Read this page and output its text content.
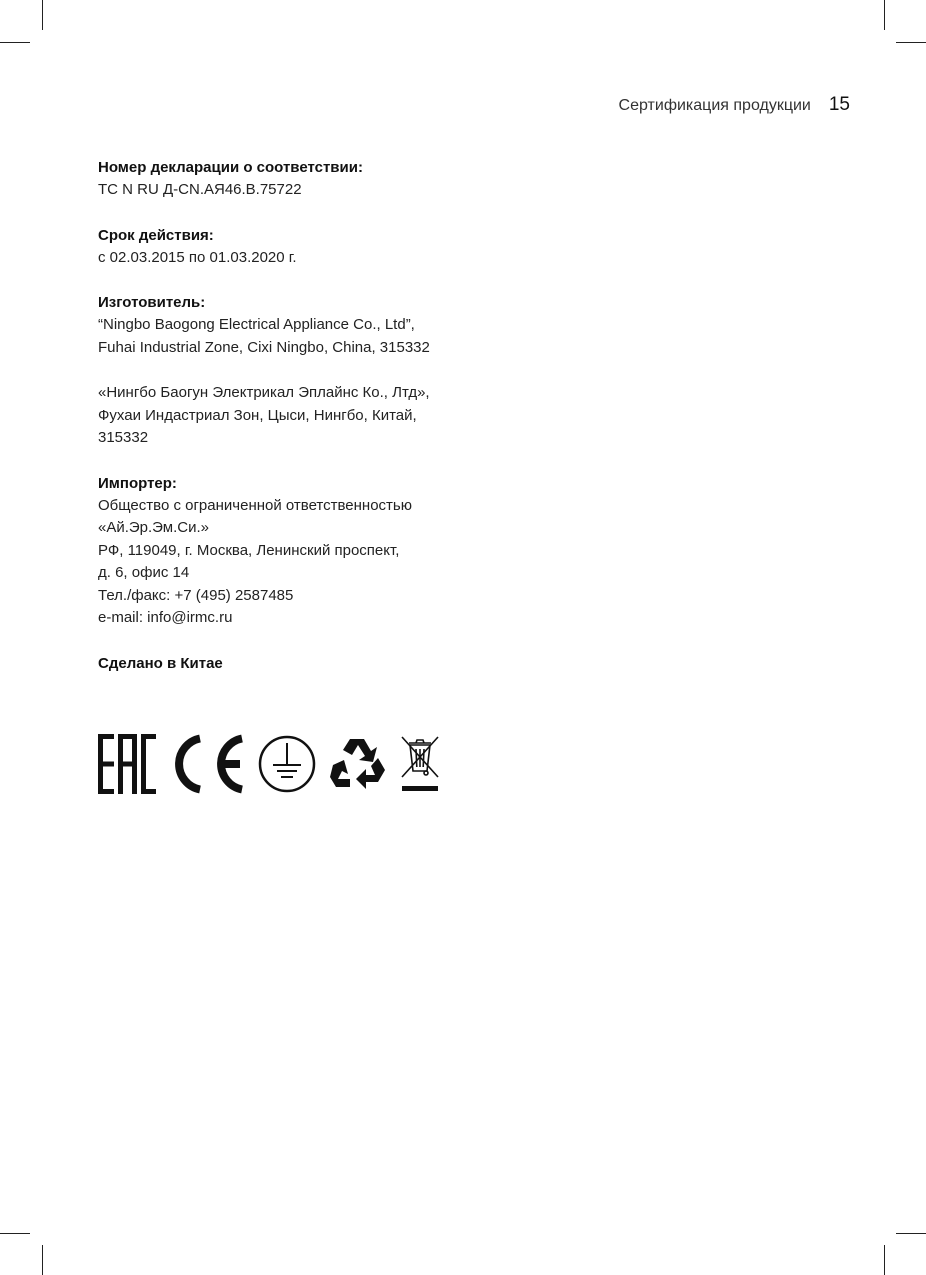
Сертификация продукции 15
Номер декларации о соответствии:
ТС N RU Д-CN.АЯ46.В.75722
Срок действия:
с 02.03.2015 по 01.03.2020 г.
Изготовитель:
“Ningbo Baogong Electrical Appliance Co., Ltd”,
Fuhai Industrial Zone, Cixi Ningbo, China, 315332
«Нингбо Баогун Электрикал Эплайнс Ко., Лтд»,
Фухаи Индастриал Зон, Цыси, Нингбо, Китай,
315332
Импортер:
Общество с ограниченной ответственностью
«Ай.Эр.Эм.Си.»
РФ, 119049, г. Москва, Ленинский проспект,
д. 6, офис 14
Тел./факс: +7 (495) 2587485
e-mail: info@irmc.ru
Сделано в Китае
